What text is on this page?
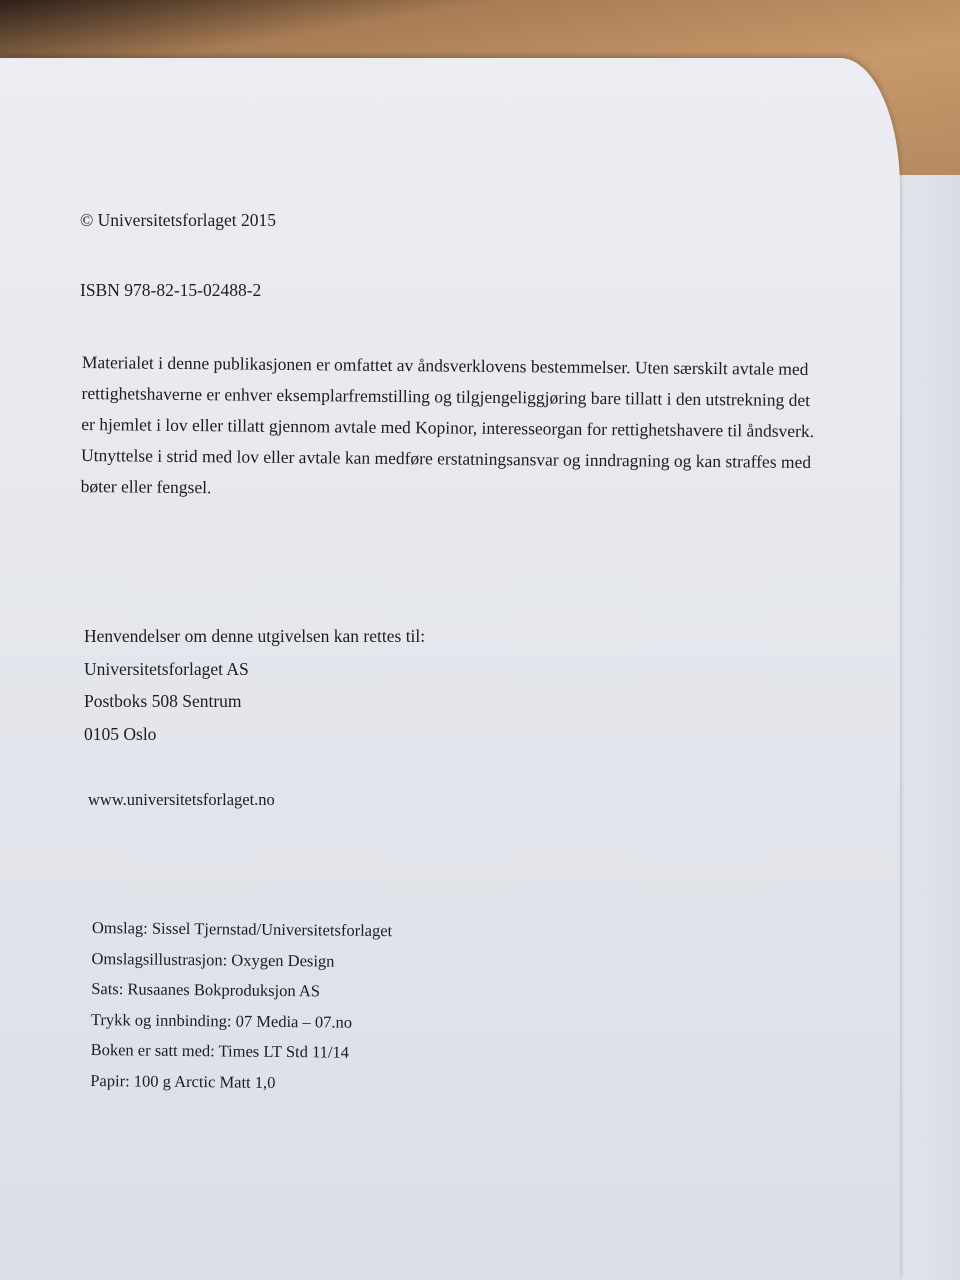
© Universitetsforlaget 2015
ISBN 978-82-15-02488-2
Materialet i denne publikasjonen er omfattet av åndsverklovens bestemmelser. Uten særskilt avtale med
rettighetshaverne er enhver eksemplarfremstilling og tilgjengeliggjøring bare tillatt i den utstrekning det
er hjemlet i lov eller tillatt gjennom avtale med Kopinor, interesseorgan for rettighetshavere til åndsverk.
Utnyttelse i strid med lov eller avtale kan medføre erstatningsansvar og inndragning og kan straffes med
bøter eller fengsel.
Henvendelser om denne utgivelsen kan rettes til:
Universitetsforlaget AS
Postboks 508 Sentrum
0105 Oslo
www.universitetsforlaget.no
Omslag: Sissel Tjernstad/Universitetsforlaget
Omslagsillustrasjon: Oxygen Design
Sats: Rusaanes Bokproduksjon AS
Trykk og innbinding: 07 Media – 07.no
Boken er satt med: Times LT Std 11/14
Papir: 100 g Arctic Matt 1,0
